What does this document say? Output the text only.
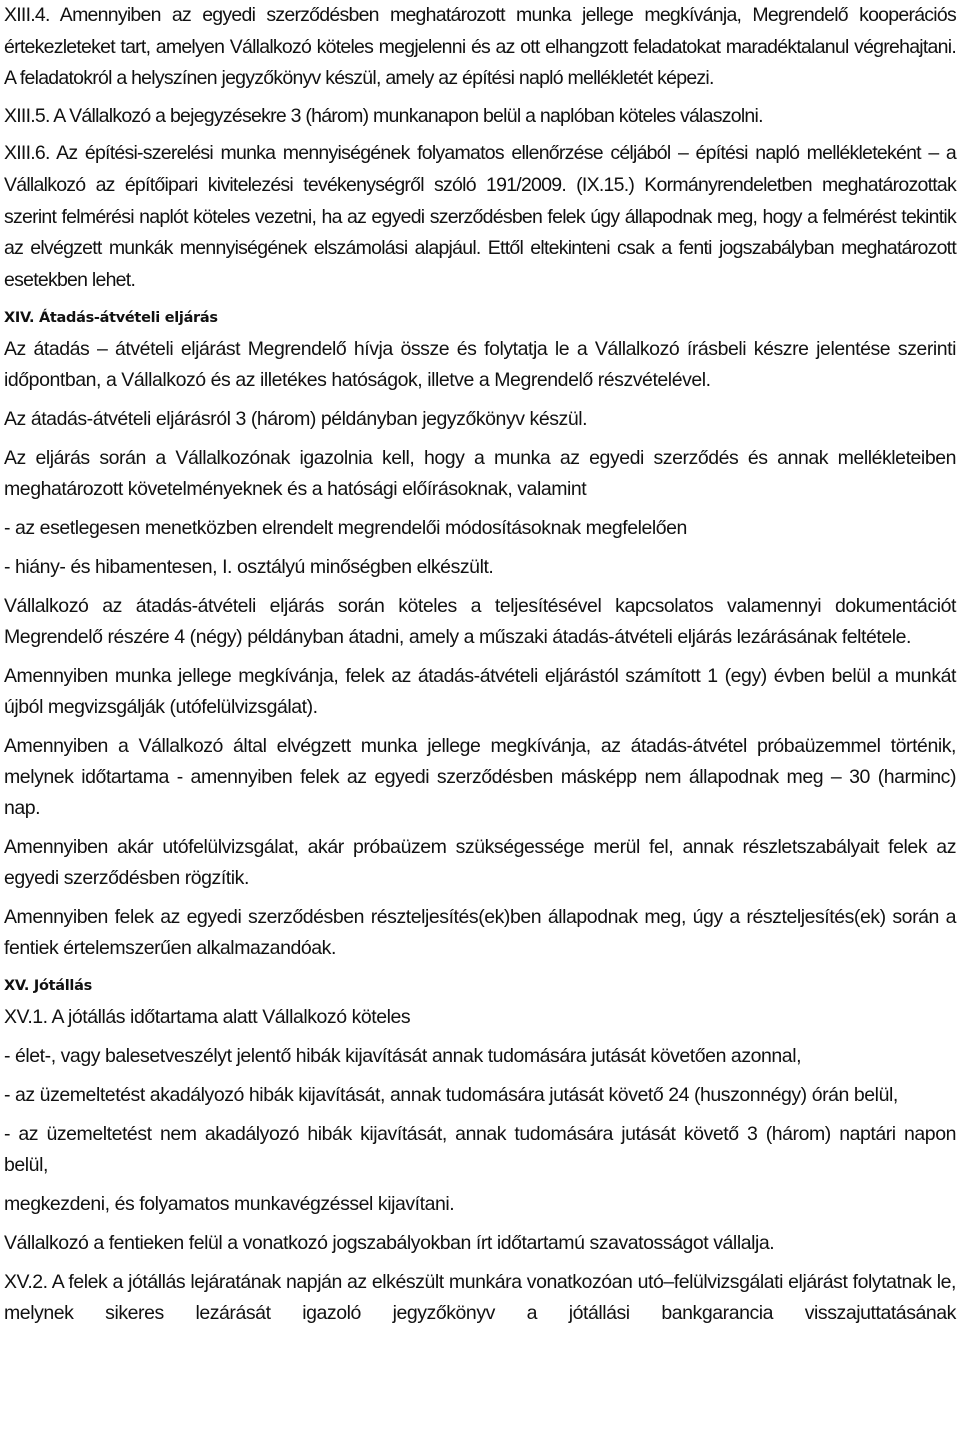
XIII.4. Amennyiben az egyedi szerződésben meghatározott munka jellege megkívánja, Megrendelő kooperációs értekezleteket tart, amelyen Vállalkozó köteles megjelenni és az ott elhangzott feladatokat maradéktalanul végrehajtani. A feladatokról a helyszínen jegyzőkönyv készül, amely az építési napló mellékletét képezi.

XIII.5. A Vállalkozó a bejegyzésekre 3 (három) munkanapon belül a naplóban köteles válaszolni.

XIII.6. Az építési-szerelési munka mennyiségének folyamatos ellenőrzése céljából – építési napló mellékleteként – a Vállalkozó az építőipari kivitelezési tevékenységről szóló 191/2009. (IX.15.) Kormányrendeletben meghatározottak szerint felmérési naplót köteles vezetni, ha az egyedi szerződésben felek úgy állapodnak meg, hogy a felmérést tekintik az elvégzett munkák mennyiségének elszámolási alapjául. Ettől eltekinteni csak a fenti jogszabályban meghatározott esetekben lehet.

XIV. Átadás-átvételi eljárás

Az átadás – átvételi eljárást Megrendelő hívja össze és folytatja le a Vállalkozó írásbeli készre jelentése szerinti időpontban, a Vállalkozó és az illetékes hatóságok, illetve a Megrendelő részvételével.

Az átadás-átvételi eljárásról 3 (három) példányban jegyzőkönyv készül.

Az eljárás során a Vállalkozónak igazolnia kell, hogy a munka az egyedi szerződés és annak mellékleteiben meghatározott követelményeknek és a hatósági előírásoknak, valamint

- az esetlegesen menetközben elrendelt megrendelői módosításoknak megfelelően

- hiány- és hibamentesen, I. osztályú minőségben elkészült.

Vállalkozó az átadás-átvételi eljárás során köteles a teljesítésével kapcsolatos valamennyi dokumentációt Megrendelő részére 4 (négy) példányban átadni, amely a műszaki átadás-átvételi eljárás lezárásának feltétele.

Amennyiben munka jellege megkívánja, felek az átadás-átvételi eljárástól számított 1 (egy) évben belül a munkát újból megvizsgálják (utófelülvizsgálat).

Amennyiben a Vállalkozó által elvégzett munka jellege megkívánja, az átadás-átvétel próbaüzemmel történik, melynek időtartama - amennyiben felek az egyedi szerződésben másképp nem állapodnak meg – 30 (harminc) nap.

Amennyiben akár utófelülvizsgálat, akár próbaüzem szükségessége merül fel, annak részletszabályait felek az egyedi szerződésben rögzítik.

Amennyiben felek az egyedi szerződésben részteljesítés(ek)ben állapodnak meg, úgy a részteljesítés(ek) során a fentiek értelemszerűen alkalmazandóak.

XV. Jótállás

XV.1. A jótállás időtartama alatt Vállalkozó köteles

- élet-, vagy balesetveszélyt jelentő hibák kijavítását annak tudomására jutását követően azonnal,

- az üzemeltetést akadályozó hibák kijavítását, annak tudomására jutását követő 24 (huszonnégy) órán belül,

- az üzemeltetést nem akadályozó hibák kijavítását, annak tudomására jutását követő 3 (három) naptári napon belül,

megkezdeni, és folyamatos munkavégzéssel kijavítani.

Vállalkozó a fentieken felül a vonatkozó jogszabályokban írt időtartamú szavatosságot vállalja.

XV.2. A felek a jótállás lejáratának napján az elkészült munkára vonatkozóan utó–felülvizsgálati eljárást folytatnak le, melynek sikeres lezárását igazoló jegyzőkönyv a jótállási bankgarancia visszajuttatásának
